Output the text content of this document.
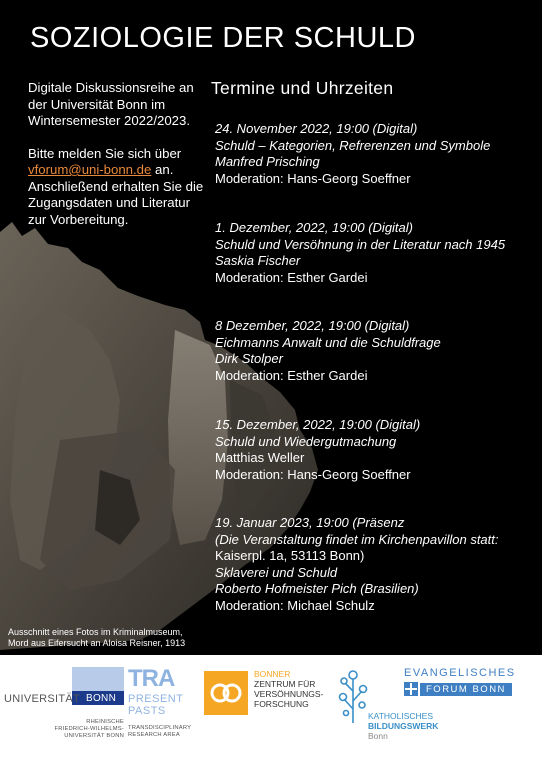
SOZIOLOGIE DER SCHULD

Digitale Diskussionsreihe an der Universität Bonn im Wintersemester 2022/2023.

Bitte melden Sie sich über vforum@uni-bonn.de an. Anschließend erhalten Sie die Zugangsdaten und Literatur zur Vorbereitung.

Termine und Uhrzeiten
24. November 2022, 19:00 (Digital)
Schuld – Kategorien, Refrerenzen und Symbole
Manfred Prisching
Moderation: Hans-Georg Soeffner
1. Dezember, 2022, 19:00 (Digital)
Schuld und Versöhnung in der Literatur nach 1945
Saskia Fischer
Moderation: Esther Gardei
8 Dezember, 2022, 19:00 (Digital)
Eichmanns Anwalt und die Schuldfrage
Dirk Stolper
Moderation: Esther Gardei
15. Dezember, 2022, 19:00 (Digital)
Schuld und Wiedergutmachung
Matthias Weller
Moderation: Hans-Georg Soeffner
19. Januar 2023, 19:00 (Präsenz
(Die Veranstaltung findet im Kirchenpavillon statt:
Kaiserpl. 1a, 53113 Bonn)
Sklaverei und Schuld
Roberto Hofmeister Pich (Brasilien)
Moderation: Michael Schulz
Ausschnitt eines Fotos im Kriminalmuseum,
Mord aus Eifersucht an Aloisa Reisner, 1913
UNIVERSITÄT BONN
RHEINISCHE
FRIEDRICH-WILHELMS-
UNIVERSITÄT BONN
TRA
PRESENT
PASTS
TRANSDISCIPLINARY
RESEARCH AREA
BONNER
ZENTRUM FÜR
VERSÖHNUNGS-
FORSCHUNG
KATHOLISCHES
BILDUNGSWERK
Bonn
EVANGELISCHES
FORUM BONN
